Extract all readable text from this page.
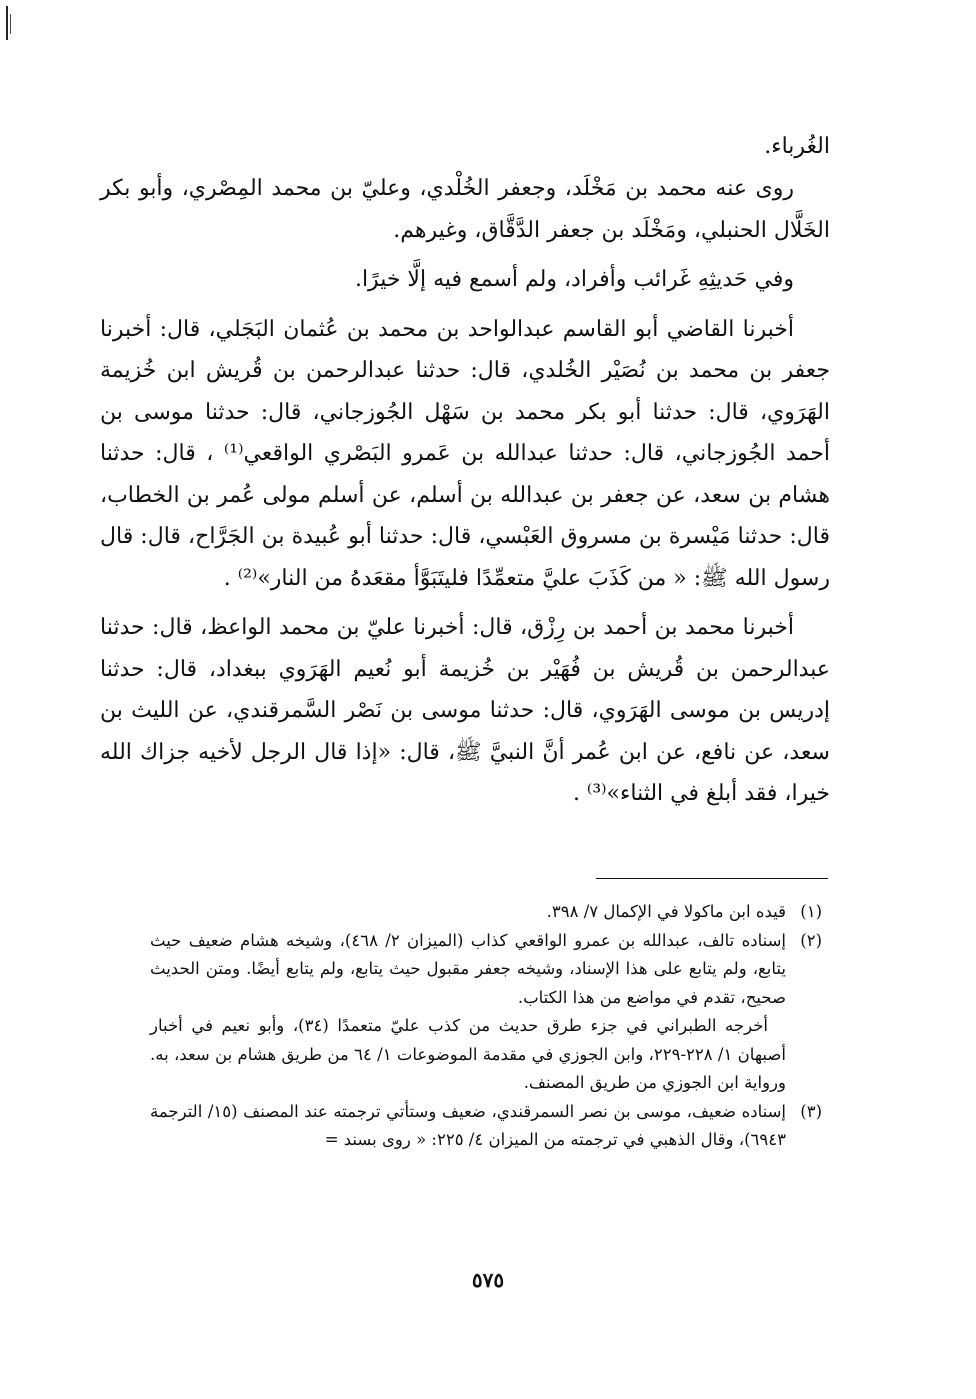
الغُرباء.

روى عنه محمد بن مَخْلَد، وجعفر الخُلْدي، وعليّ بن محمد المِصْري، وأبو بكر الخَلَّال الحنبلي، ومَخْلَد بن جعفر الدَّقَّاق، وغيرهم.

وفي حَديثِهِ غَرائب وأفراد، ولم أسمع فيه إلَّا خيرًا.

أخبرنا القاضي أبو القاسم عبدالواحد بن محمد بن عُثمان البَجَلي، قال: أخبرنا جعفر بن محمد بن نُصَيْر الخُلدي، قال: حدثنا عبدالرحمن بن قُريش ابن خُزيمة الهَرَوي، قال: حدثنا أبو بكر محمد بن سَهْل الجُوزجاني، قال: حدثنا موسى بن أحمد الجُوزجاني، قال: حدثنا عبدالله بن عَمرو البَصْري الواقعي⁽¹⁾ ، قال: حدثنا هشام بن سعد، عن جعفر بن عبدالله بن أسلم، عن أسلم مولى عُمر بن الخطاب، قال: حدثنا مَيْسرة بن مسروق العَبْسي، قال: حدثنا أبو عُبيدة بن الجَرَّاح، قال: قال رسول الله ﷺ: « من كَذَبَ عليَّ متعمِّدًا فليتَبَوَّأ مقعَدهُ من النار»⁽²⁾ .

أخبرنا محمد بن أحمد بن رِزْق، قال: أخبرنا عليّ بن محمد الواعظ، قال: حدثنا عبدالرحمن بن قُريش بن فُهَيْر بن خُزيمة أبو نُعيم الهَرَوي ببغداد، قال: حدثنا إدريس بن موسى الهَرَوي، قال: حدثنا موسى بن نَصْر السَّمرقندي، عن الليث بن سعد، عن نافع، عن ابن عُمر أنَّ النبيَّ ﷺ، قال: «إذا قال الرجل لأخيه جزاك الله خيرا، فقد أبلغ في الثناء»⁽³⁾ .

(١)

قيده ابن ماكولا في الإكمال ٧/ ٣٩٨.

(٢)

إسناده تالف، عبدالله بن عمرو الواقعي كذاب (الميزان ٢/ ٤٦٨)، وشيخه هشام ضعيف حيث يتابع، ولم يتابع على هذا الإسناد، وشيخه جعفر مقبول حيث يتابع، ولم يتابع أيضًا. ومتن الحديث صحيح، تقدم في مواضع من هذا الكتاب.

أخرجه الطبراني في جزء طرق حديث من كذب عليّ متعمدًا (٣٤)، وأبو نعيم في أخبار أصبهان ١/ ٢٢٨-٢٢٩، وابن الجوزي في مقدمة الموضوعات ١/ ٦٤ من طريق هشام بن سعد، به. ورواية ابن الجوزي من طريق المصنف.

(٣)

إسناده ضعيف، موسى بن نصر السمرقندي، ضعيف وستأتي ترجمته عند المصنف (١٥/ الترجمة ٦٩٤٣)، وقال الذهبي في ترجمته من الميزان ٤/ ٢٢٥: « روى بسند =

٥٧٥
